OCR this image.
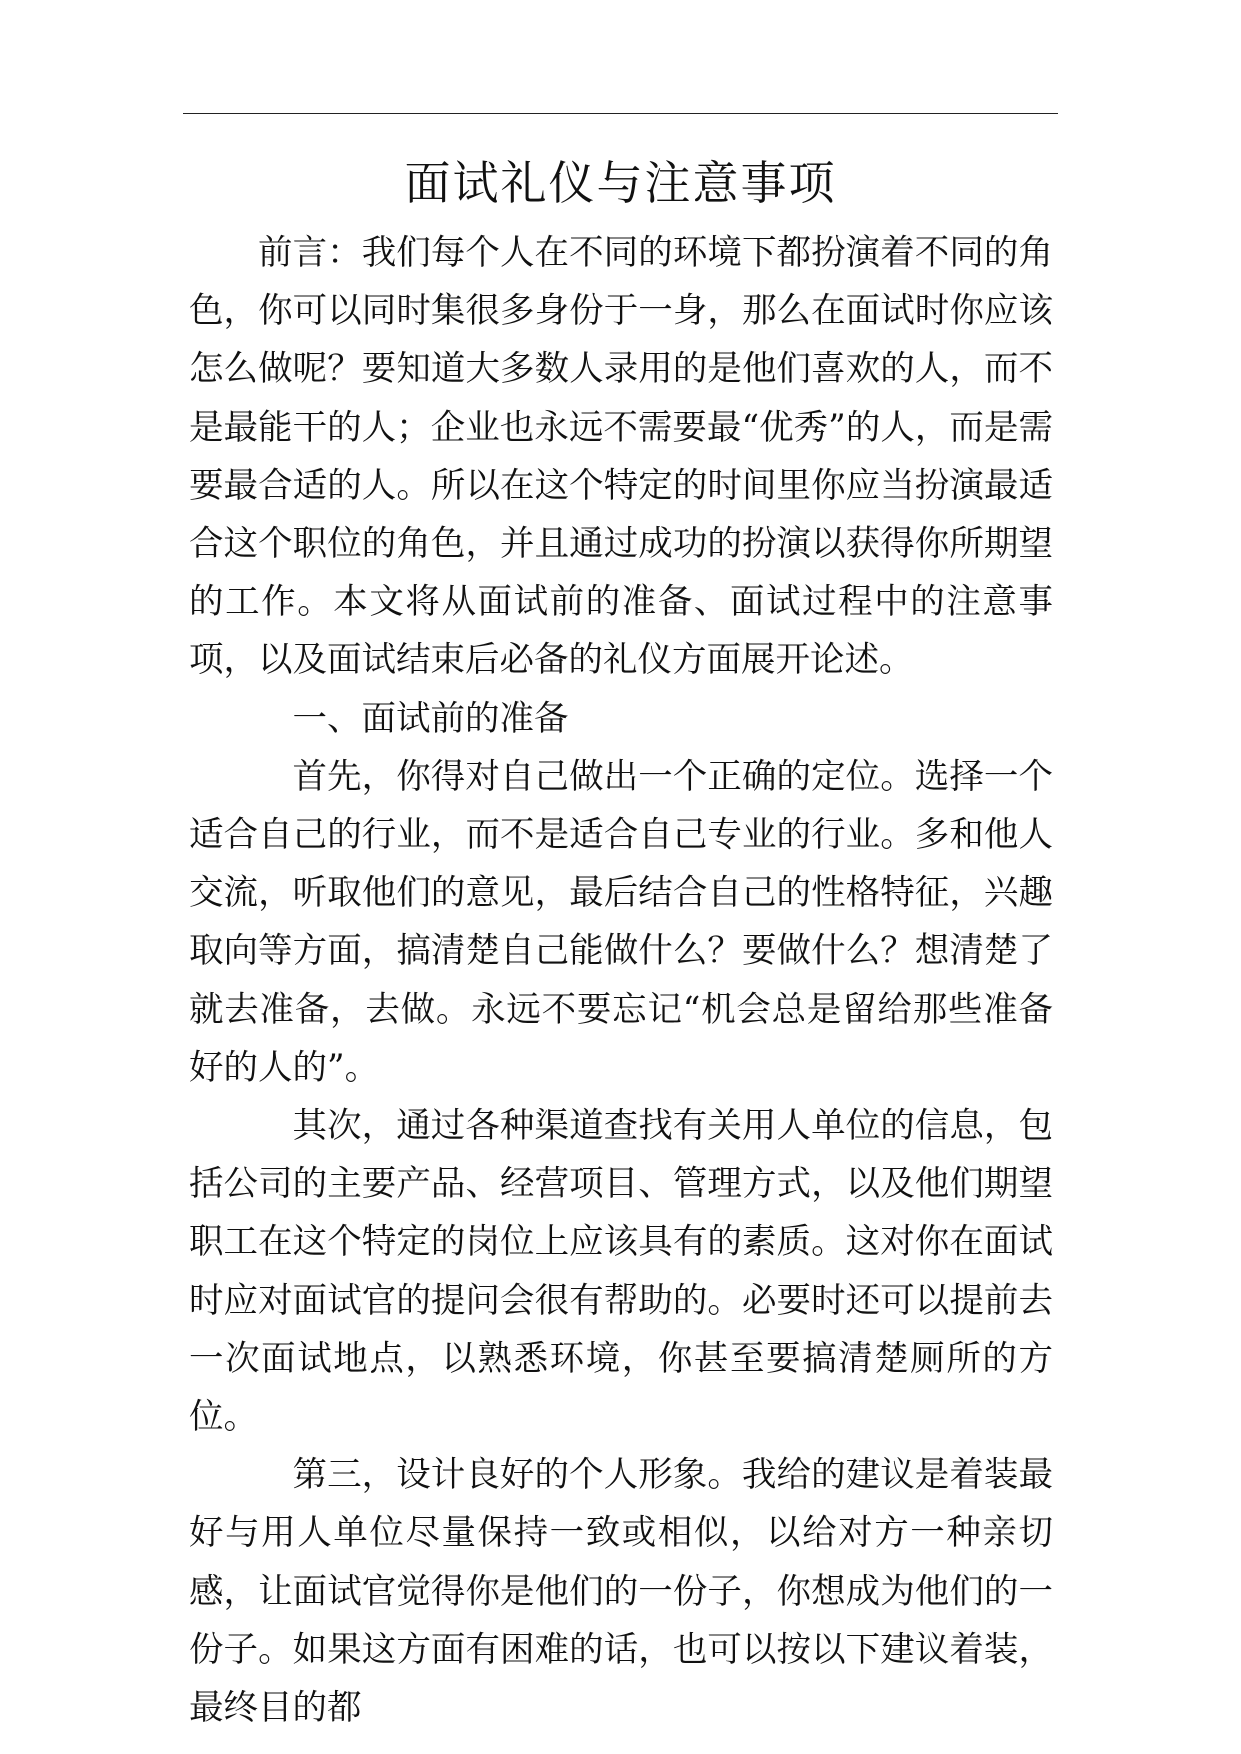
面试礼仪与注意事项

前言：我们每个人在不同的环境下都扮演着不同的角色，你可以同时集很多身份于一身，那么在面试时你应该怎么做呢？要知道大多数人录用的是他们喜欢的人，而不是最能干的人；企业也永远不需要最“优秀”的人，而是需要最合适的人。所以在这个特定的时间里你应当扮演最适合这个职位的角色，并且通过成功的扮演以获得你所期望的工作。本文将从面试前的准备、面试过程中的注意事项，以及面试结束后必备的礼仪方面展开论述。

一、面试前的准备

首先，你得对自己做出一个正确的定位。选择一个适合自己的行业，而不是适合自己专业的行业。多和他人交流，听取他们的意见，最后结合自己的性格特征，兴趣取向等方面，搞清楚自己能做什么？要做什么？想清楚了就去准备，去做。永远不要忘记“机会总是留给那些准备好的人的”。

其次，通过各种渠道查找有关用人单位的信息，包括公司的主要产品、经营项目、管理方式，以及他们期望职工在这个特定的岗位上应该具有的素质。这对你在面试时应对面试官的提问会很有帮助的。必要时还可以提前去一次面试地点，以熟悉环境，你甚至要搞清楚厕所的方位。

第三，设计良好的个人形象。我给的建议是着装最好与用人单位尽量保持一致或相似，以给对方一种亲切感，让面试官觉得你是他们的一份子，你想成为他们的一份子。如果这方面有困难的话，也可以按以下建议着装，最终目的都
